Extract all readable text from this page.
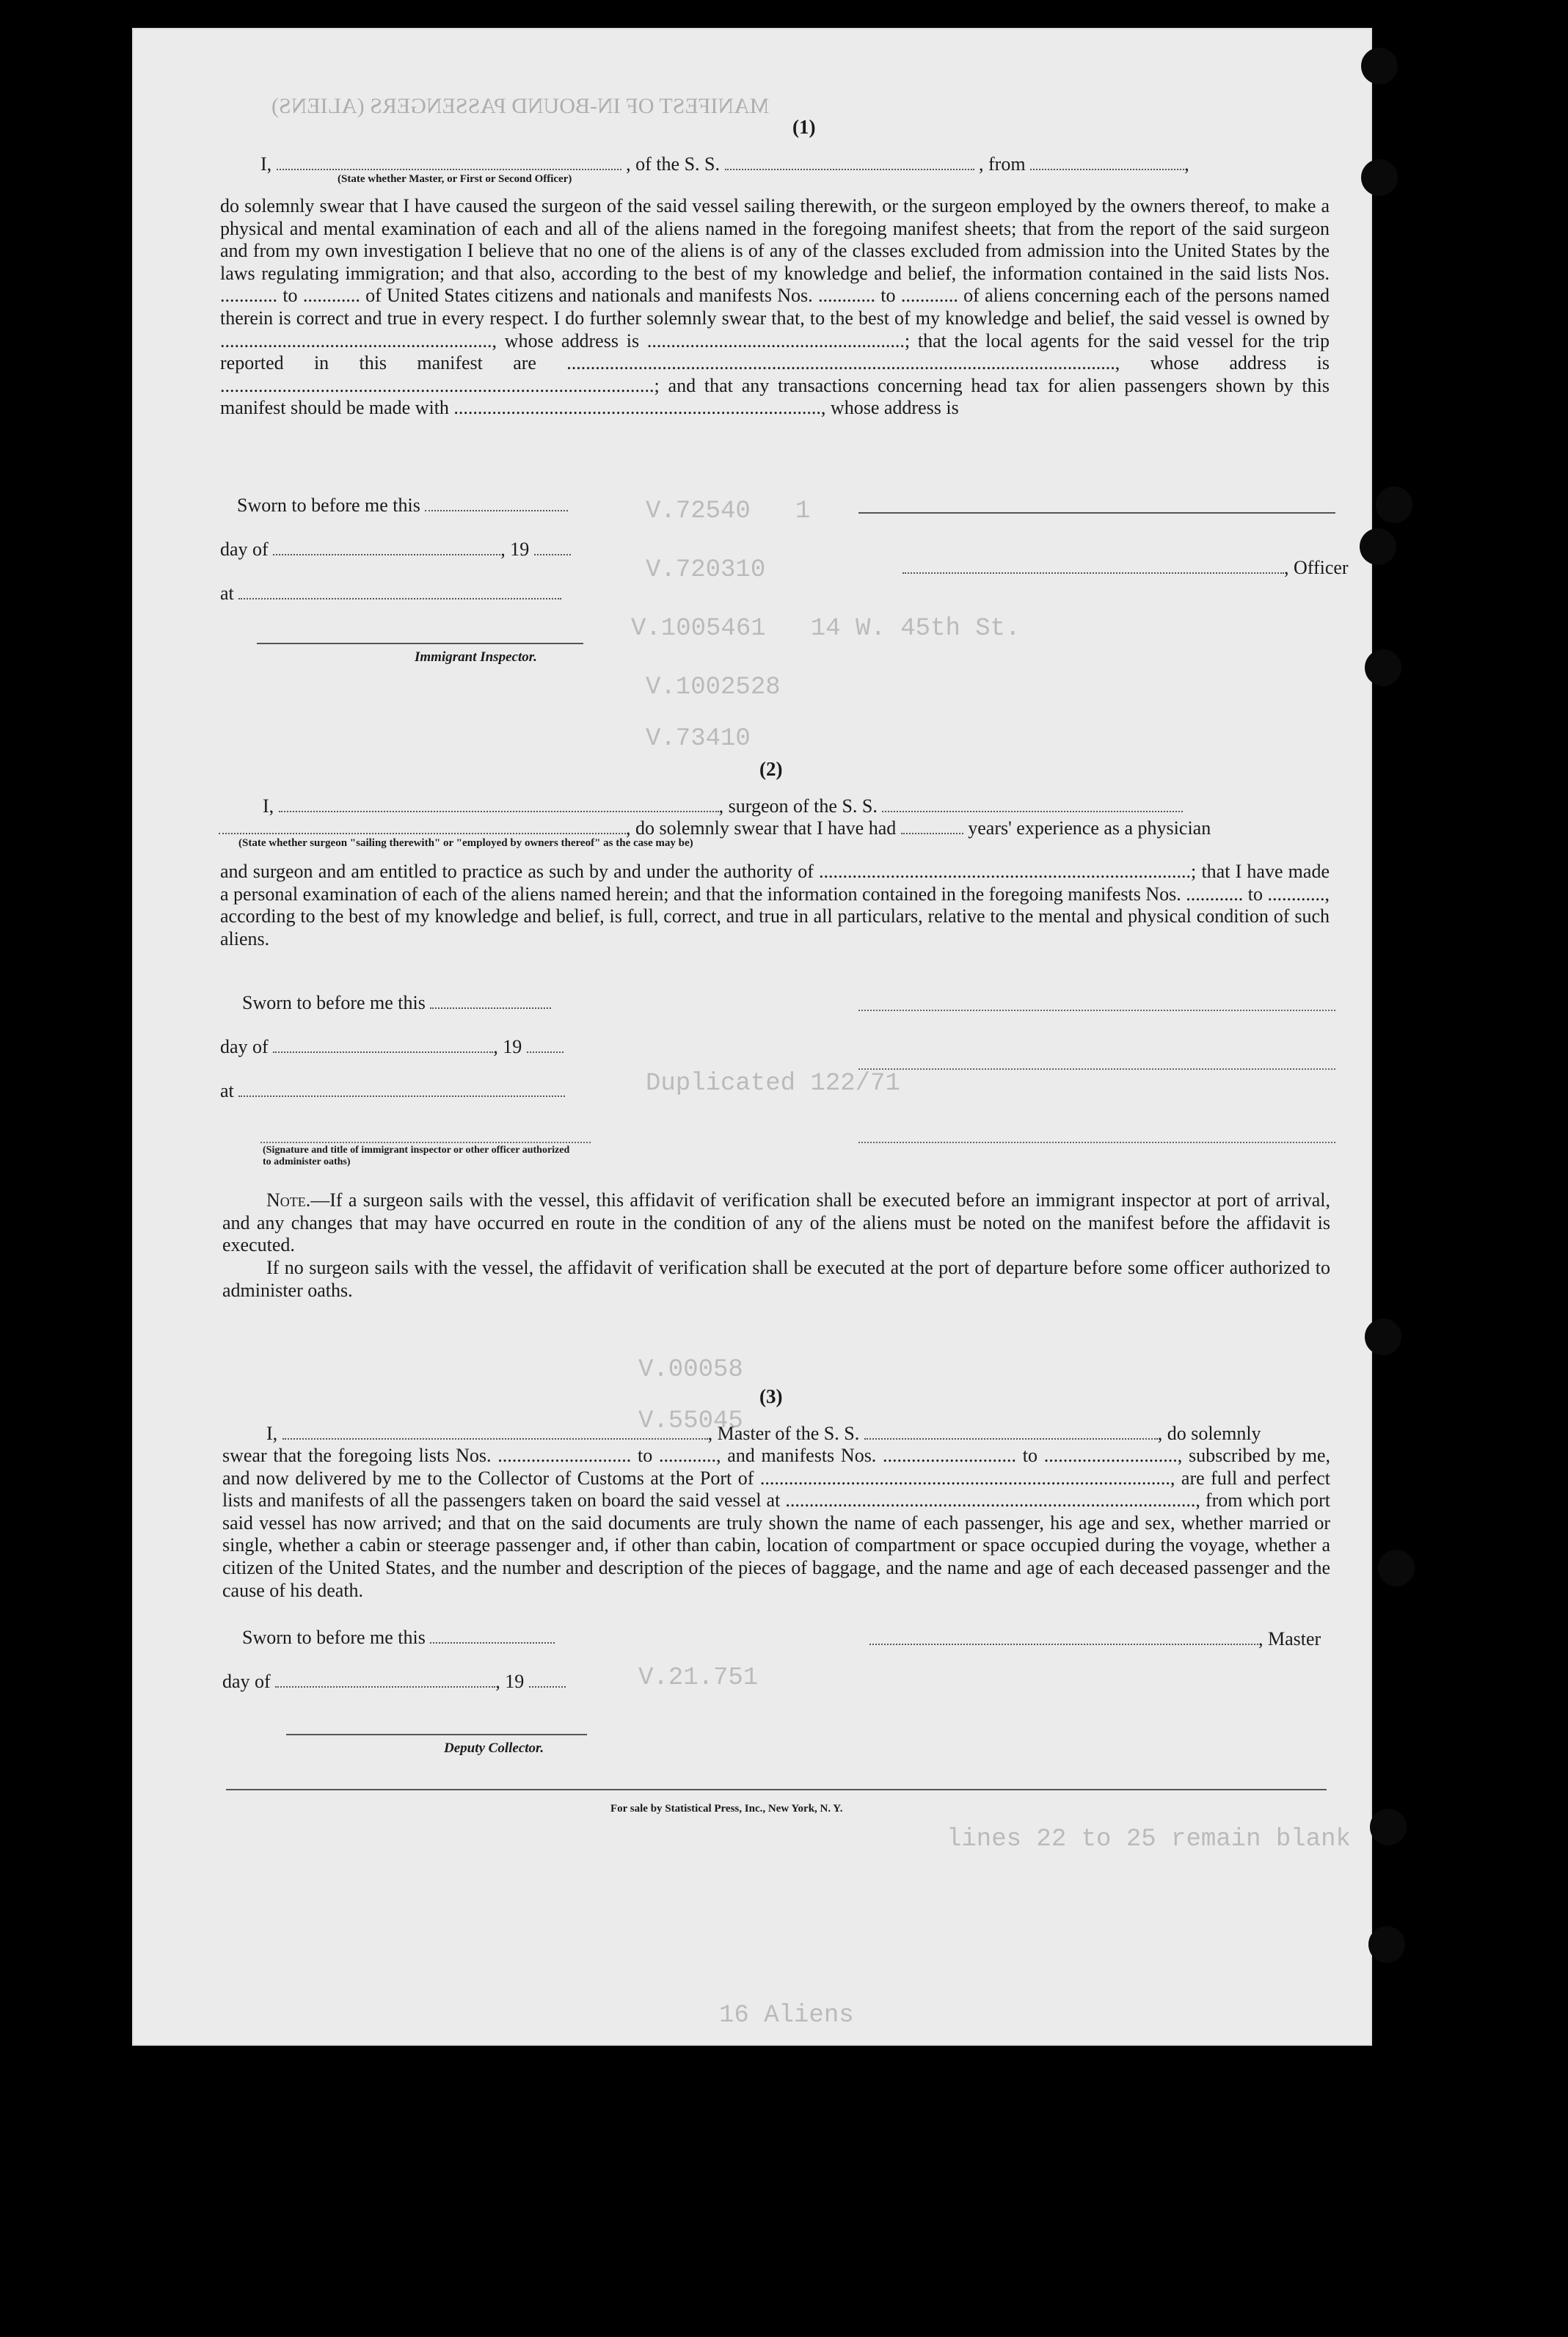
MANIFEST OF IN-BOUND PASSENGERS (ALIENS)
V.72540   1
V.720310
V.1005461   14 W. 45th St.
V.1002528
V.73410
Duplicated 122/71
V.00058
V.55045
V.21.751
lines 22 to 25 remain blank
16 Aliens
(1)
I,	, of the S. S.	, from	,
(State whether Master, or First or Second Officer)
do solemnly swear that I have caused the surgeon of the said vessel sailing therewith, or the surgeon employed by the owners thereof, to make a physical and mental examination of each and all of the aliens named in the foregoing manifest sheets; that from the report of the said surgeon and from my own investigation I believe that no one of the aliens is of any of the classes excluded from admission into the United States by the laws regulating immigration; and that also, according to the best of my knowledge and belief, the information contained in the said lists Nos. ............ to ............ of United States citizens and nationals and manifests Nos. ............ to ............ of aliens concerning each of the persons named therein is correct and true in every respect. I do further solemnly swear that, to the best of my knowledge and belief, the said vessel is owned by ........................................................., whose address is ......................................................; that the local agents for the said vessel for the trip reported in this manifest are ..................................................................................................................., whose address is ...........................................................................................; and that any transactions concerning head tax for alien passengers shown by this manifest should be made with ............................................................................., whose address is
Sworn to before me this
day of	, 19
at
Immigrant Inspector.
, Officer
(2)
I,	, surgeon of the S. S.
, do solemnly swear that I have had	years' experience as a physician
(State whether surgeon "sailing therewith" or "employed by owners thereof" as the case may be)
and surgeon and am entitled to practice as such by and under the authority of ..............................................................................; that I have made a personal examination of each of the aliens named herein; and that the information contained in the foregoing manifests Nos. ............ to ............, according to the best of my knowledge and belief, is full, correct, and true in all particulars, relative to the mental and physical condition of such aliens.
Sworn to before me this
day of	, 19
at
(Signature and title of immigrant inspector or other officer authorized to administer oaths)
Note.—If a surgeon sails with the vessel, this affidavit of verification shall be executed before an immigrant inspector at port of arrival, and any changes that may have occurred en route in the condition of any of the aliens must be noted on the manifest before the affidavit is executed.
If no surgeon sails with the vessel, the affidavit of verification shall be executed at the port of departure before some officer authorized to administer oaths.
(3)
I,	, Master of the S. S.	, do solemnly
swear that the foregoing lists Nos. ............................ to ............, and manifests Nos. ............................ to ............................, subscribed by me, and now delivered by me to the Collector of Customs at the Port of ......................................................................................, are full and perfect lists and manifests of all the passengers taken on board the said vessel at ......................................................................................, from which port said vessel has now arrived; and that on the said documents are truly shown the name of each passenger, his age and sex, whether married or single, whether a cabin or steerage passenger and, if other than cabin, location of compartment or space occupied during the voyage, whether a citizen of the United States, and the number and description of the pieces of baggage, and the name and age of each deceased passenger and the cause of his death.
Sworn to before me this
day of	, 19
Deputy Collector.
, Master
For sale by Statistical Press, Inc., New York, N. Y.
